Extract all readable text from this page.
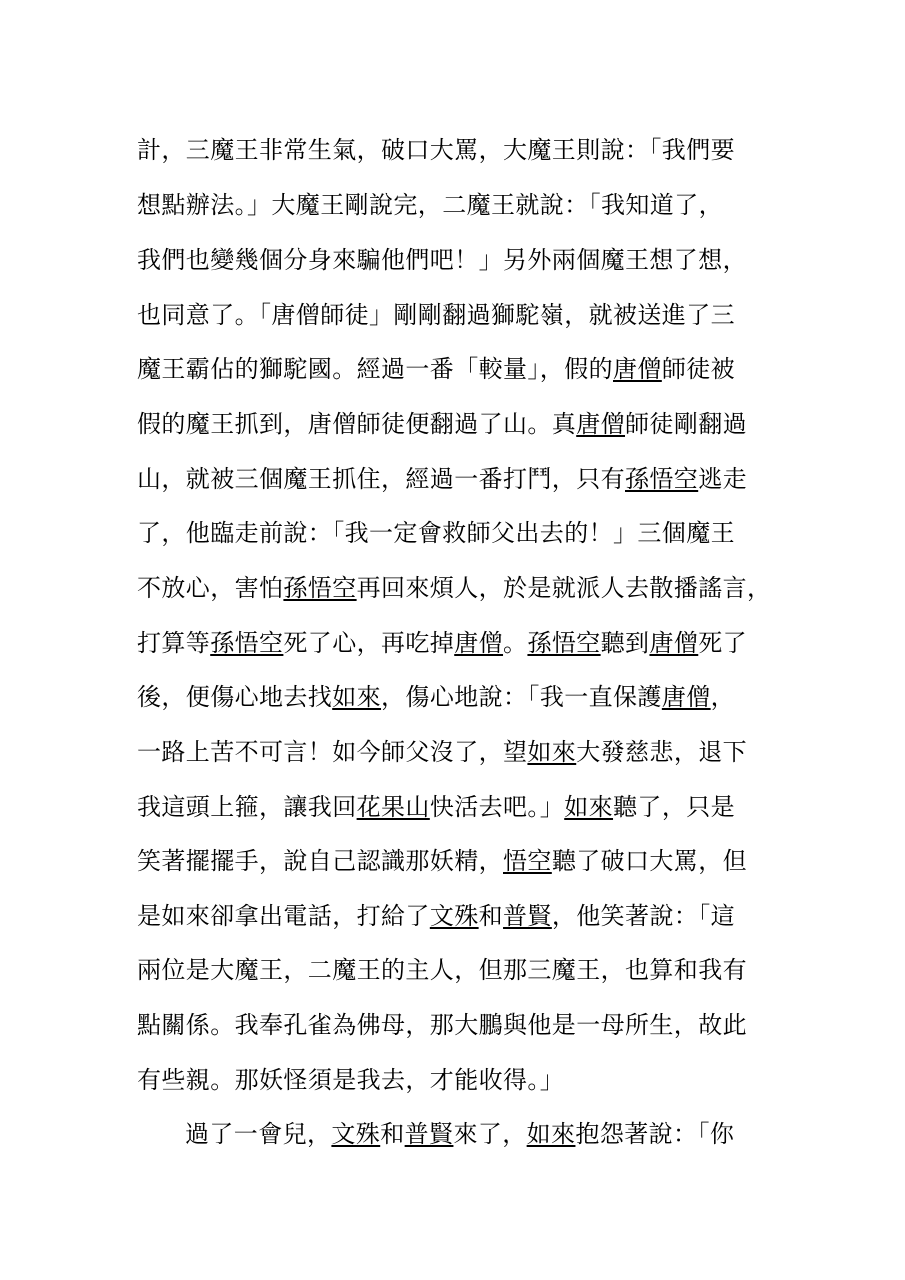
計，三魔王非常生氣，破口大罵，大魔王則說：「我們要
想點辦法。」大魔王剛說完，二魔王就說：「我知道了，
我們也變幾個分身來騙他們吧！」另外兩個魔王想了想，
也同意了。「唐僧師徒」剛剛翻過獅駝嶺，就被送進了三
魔王霸佔的獅駝國。經過一番「較量」，假的唐僧師徒被
假的魔王抓到，唐僧師徒便翻過了山。真唐僧師徒剛翻過
山，就被三個魔王抓住，經過一番打鬥，只有孫悟空逃走
了，他臨走前說：「我一定會救師父出去的！」三個魔王
不放心，害怕孫悟空再回來煩人，於是就派人去散播謠言，
打算等孫悟空死了心，再吃掉唐僧。孫悟空聽到唐僧死了
後，便傷心地去找如來，傷心地說：「我一直保護唐僧，
一路上苦不可言！如今師父沒了，望如來大發慈悲，退下
我這頭上箍，讓我回花果山快活去吧。」如來聽了，只是
笑著擺擺手，說自己認識那妖精，悟空聽了破口大罵，但
是如來卻拿出電話，打給了文殊和普賢，他笑著說：「這
兩位是大魔王，二魔王的主人，但那三魔王，也算和我有
點關係。我奉孔雀為佛母，那大鵬與他是一母所生，故此
有些親。那妖怪須是我去，才能收得。」
過了一會兒，文殊和普賢來了，如來抱怨著說：「你
